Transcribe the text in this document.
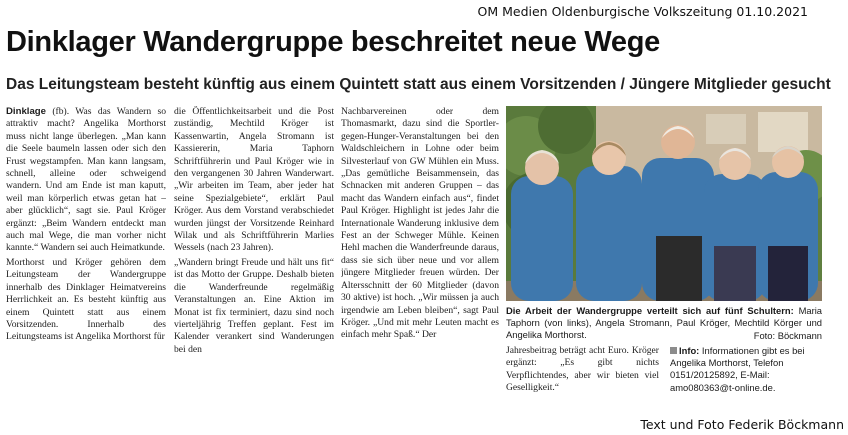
OM Medien Oldenburgische Volkszeitung 01.10.2021
Dinklager Wandergruppe beschreitet neue Wege
Das Leitungsteam besteht künftig aus einem Quintett statt aus einem Vorsitzenden / Jüngere Mitglieder gesucht

Dinklage (fb). Was das Wandern so attraktiv macht? Angelika Morthorst muss nicht lange überlegen. „Man kann die Seele baumeln lassen oder sich den Frust wegstampfen. Man kann langsam, schnell, alleine oder schweigend wandern. Und am Ende ist man kaputt, weil man körperlich etwas getan hat – aber glücklich“, sagt sie. Paul Kröger ergänzt: „Beim Wandern entdeckt man auch mal Wege, die man vorher nicht kannte.“ Wandern sei auch Heimatkunde.

Morthorst und Kröger gehören dem Leitungsteam der Wandergruppe innerhalb des Dinklager Heimatvereins Herrlichkeit an. Es besteht künftig aus einem Quintett statt aus einem Vorsitzenden. Innerhalb des Leitungsteams ist Angelika Morthorst für

die Öffentlichkeitsarbeit und die Post zuständig, Mechtild Kröger ist Kassenwartin, Angela Stromann ist Kassiererin, Maria Taphorn Schriftführerin und Paul Kröger wie in den vergangenen 30 Jahren Wanderwart. „Wir arbeiten im Team, aber jeder hat seine Spezialgebiete“, erklärt Paul Kröger. Aus dem Vorstand verabschiedet wurden jüngst der Vorsitzende Reinhard Wilak und als Schriftführerin Marlies Wessels (nach 23 Jahren).

„Wandern bringt Freude und hält uns fit“ ist das Motto der Gruppe. Deshalb bieten die Wanderfreunde regelmäßig Veranstaltungen an. Eine Aktion im Monat ist fix terminiert, dazu sind noch vierteljährig Treffen geplant. Fest im Kalender verankert sind Wanderungen bei den

Nachbarvereinen oder dem Thomasmarkt, dazu sind die Sportler-gegen-Hunger-Veranstaltungen bei den Waldschleichern in Lohne oder beim Silvesterlauf von GW Mühlen ein Muss. „Das gemütliche Beisammensein, das Schnacken mit anderen Gruppen – das macht das Wandern einfach aus“, findet Paul Kröger. Highlight ist jedes Jahr die Internationale Wanderung inklusive dem Fest an der Schweger Mühle. Keinen Hehl machen die Wanderfreunde daraus, dass sie sich über neue und vor allem jüngere Mitglieder freuen würden. Der Altersschnitt der 60 Mitglieder (davon 30 aktive) ist hoch. „Wir müssen ja auch irgendwie am Leben bleiben“, sagt Paul Kröger. „Und mit mehr Leuten macht es einfach mehr Spaß.“ Der

Die Arbeit der Wandergruppe verteilt sich auf fünf Schultern: Maria Taphorn (von links), Angela Stromann, Paul Kröger, Mechtild Körger und Angelika Morthorst.	Foto: Böckmann

Jahresbeitrag beträgt acht Euro. Kröger ergänzt: „Es gibt nichts Verpflichtendes, aber wir bieten viel Geselligkeit.“

Info: Informationen gibt es bei Angelika Morthorst, Telefon 0151/20125892, E-Mail: amo080363@t-online.de.
Text und Foto Federik Böckmann
